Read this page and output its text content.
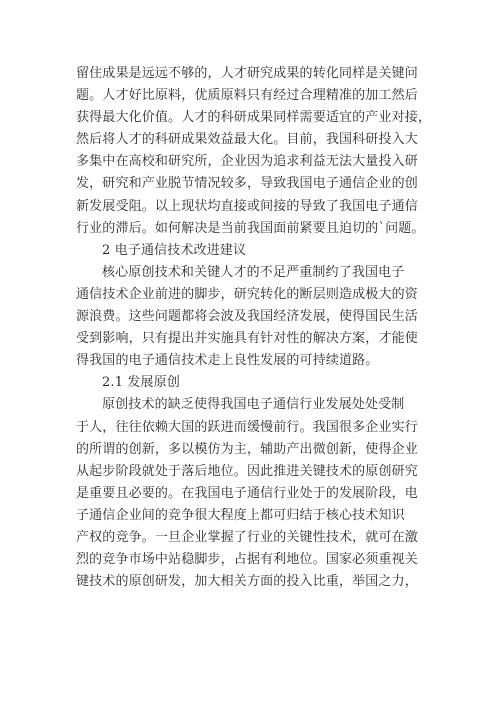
留住成果是远远不够的，人才研究成果的转化同样是关键问
题。人才好比原料，优质原料只有经过合理精准的加工然后
获得最大化价值。人才的科研成果同样需要适宜的产业对接，
然后将人才的科研成果效益最大化。目前，我国科研投入大
多集中在高校和研究所，企业因为追求利益无法大量投入研
发，研究和产业脱节情况较多，导致我国电子通信企业的创
新发展受阻。以上现状均直接或间接的导致了我国电子通信
行业的滞后。如何解决是当前我国面前紧要且迫切的`问题。
2 电子通信技术改进建议
核心原创技术和关键人才的不足严重制约了我国电子
通信技术企业前进的脚步，研究转化的断层则造成极大的资
源浪费。这些问题都将会波及我国经济发展，使得国民生活
受到影响，只有提出并实施具有针对性的解决方案，才能使
得我国的电子通信技术走上良性发展的可持续道路。
2.1 发展原创
原创技术的缺乏使得我国电子通信行业发展处处受制
于人，往往依赖大国的跃进而缓慢前行。我国很多企业实行
的所谓的创新，多以模仿为主，辅助产出微创新，使得企业
从起步阶段就处于落后地位。因此推进关键技术的原创研究
是重要且必要的。在我国电子通信行业处于的发展阶段，电
子通信企业间的竞争很大程度上都可归结于核心技术知识
产权的竞争。一旦企业掌握了行业的关键性技术，就可在激
烈的竞争市场中站稳脚步，占据有利地位。国家必须重视关
键技术的原创研发，加大相关方面的投入比重，举国之力，
